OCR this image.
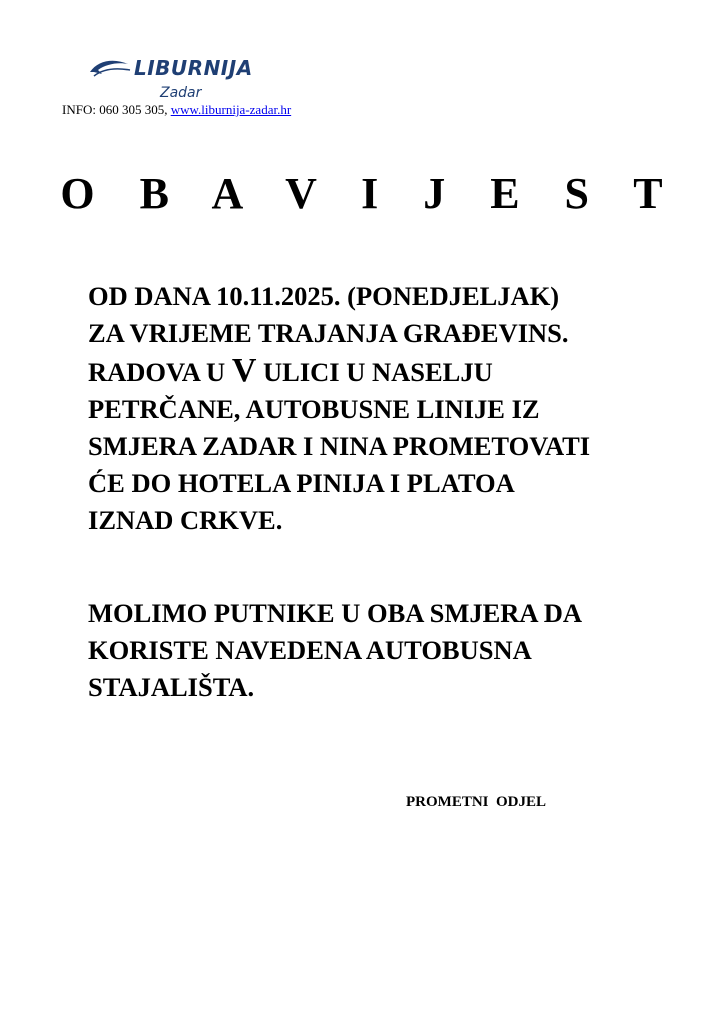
LIBURNIJA
Zadar
INFO: 060 305 305, www.liburnija-zadar.hr
O B A V I J E S T
OD DANA 10.11.2025. (PONEDJELJAK)
ZA VRIJEME TRAJANJA GRAĐEVINS.
RADOVA U V ULICI U NASELJU
PETRČANE, AUTOBUSNE LINIJE IZ
SMJERA ZADAR I NINA PROMETOVATI
ĆE DO HOTELA PINIJA I PLATOA
IZNAD CRKVE.
MOLIMO PUTNIKE U OBA SMJERA DA
KORISTE NAVEDENA AUTOBUSNA
STAJALIŠTA.
PROMETNI  ODJEL
